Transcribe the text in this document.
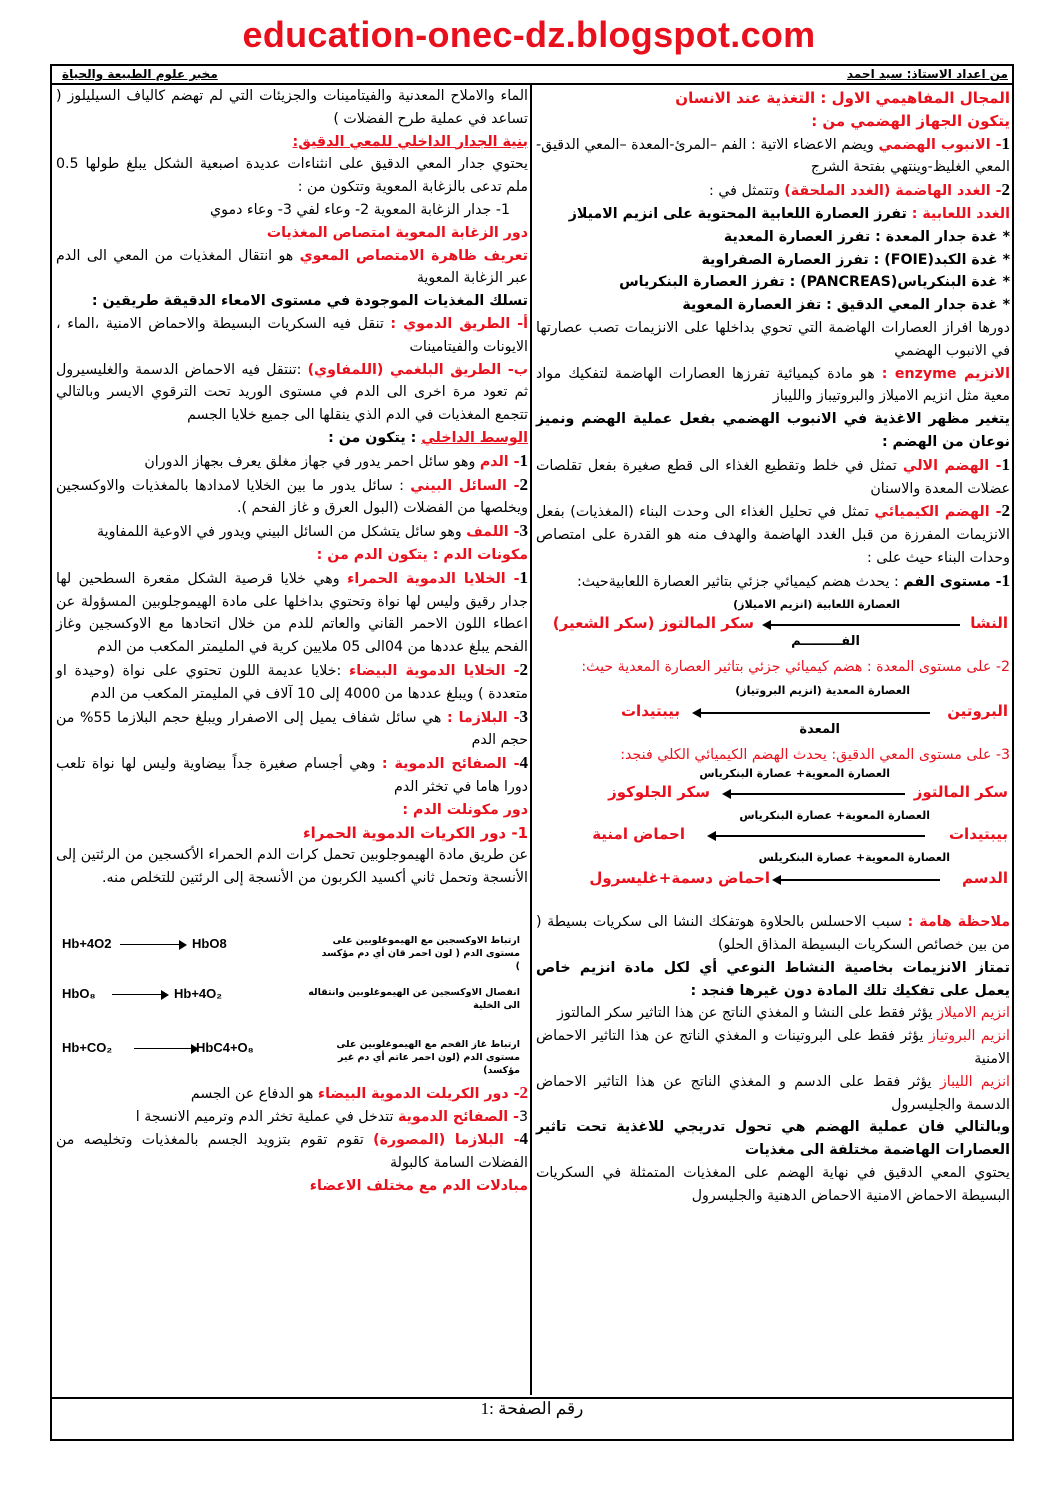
education-onec-dz.blogspot.com
من اعداد الاستاذ: سيد احمد
مخبر علوم الطبيعة والحياة

المجال المفاهيمي الاول : التغذية عند الانسان

يتكون الجهاز الهضمي من :

1- الانبوب الهضمي ويضم الاعضاء الاتية : الفم –المرئ-المعدة –المعي الدقيق-المعي الغليظ-وينتهي بفتحة الشرج

2- الغدد الهاضمة (الغدد الملحقة) وتتمثل في :

الغدد اللعابية : تفرز العصارة اللعابية المحتوية على انزيم الاميلاز

* غدة جدار المعدة : تفرز العصارة المعدية

* غدة الكبد(FOIE) : تفرز العصارة الصفراوية

* غدة البنكرياس(PANCREAS) : تفرز العصارة البنكرياس

* غدة جدار المعي الدقيق : تفز العصارة المعوية

دورها افراز العصارات الهاضمة التي تحوي بداخلها على الانزيمات تصب عصارتها في الانبوب الهضمي

الانزيم enzyme : هو مادة كيميائية تفرزها العصارات الهاضمة لتفكيك مواد معية مثل انزيم الاميلاز والبروتيباز والليباز

يتغير مظهر الاغذية في الانبوب الهضمي بفعل عملية الهضم ونميز نوعان من الهضم :

1- الهضم الالي تمثل في خلط وتقطيع الغذاء الى قطع صغيرة بفعل تقلصات عضلات المعدة والاسنان

2- الهضم الكيميائي تمثل في تحليل الغذاء الى وحدت البناء (المغذيات) بفعل الانزيمات المفرزة من قبل الغدد الهاضمة والهدف منه هو القدرة على امتصاص وحدات البناء حيث على :

1- مستوى الفم : يحدث هضم كيميائي جزئي بتاثير العصارة اللعابيةحيث:

النشا
العصارة اللعابية (انزيم الاميلاز)
سكر المالتوز (سكر الشعير)
الفـــــــــم

2- على مستوى المعدة : هضم كيميائي جزئي بتاثير العصارة المعدية حيث:

البروتين
العصارة المعدية (انزيم البروتياز)
بيبتيدات
المعدة

3- على مستوى المعي الدقيق: يحدث الهضم الكيميائي الكلي فنجد:

سكر المالتوز
العصارة المعوية+ عصارة البنكرياس
سكر الجلوكوز
بيبتيدات
العصارة المعوية+ عصارة البنكرياس
احماض امنية
الدسم
العصارة المعوية+ عصارة البنكريلس
احماض دسمة+غليسرول

ملاحظة هامة : سبب الاحسلس بالحلاوة هوتفكك النشا الى سكريات بسيطة ( من بين خصائص السكريات البسيطة المذاق الحلو)

تمتاز الانزيمات بخاصية النشاط النوعي أي لكل مادة انزيم خاص يعمل على تفكيك تلك المادة دون غيرها فنجد :

انزيم الاميلاز يؤثر فقط على النشا و المغذي الناتج عن هذا التاثير سكر المالتوز

انزيم البروتياز يؤثر فقط على البروتينات و المغذي الناتج عن هذا التاثير الاحماض الامنية

انزيم الليباز يؤثر فقط على الدسم و المغذي الناتج عن هذا التاثير الاحماض الدسمة والجليسرول

وبالتالي فان عملية الهضم هي تحول تدريجي للاغذية تحت تاثير العصارات الهاضمة مختلفة الى مغذيات

يحتوي المعي الدقيق في نهاية الهضم على المغذيات المتمثلة في السكريات البسيطة الاحماض الامنية الاحماض الدهنية والجليسرول

الماء والاملاح المعدنية والفيتامينات والجزيئات التي لم تهضم كالياف السيليلوز ( تساعد في عملية طرح الفضلات )

بنية الجدار الداخلي للمعي الدقيق:

يحتوي جدار المعي الدقيق على انثناءات عديدة اصبعية الشكل يبلغ طولها 0.5 ملم تدعى بالزغابة المعوية وتتكون من :

1- جدار الزغابة المعوية 2- وعاء لفي 3- وعاء دموي

دور الزغابة المعوية امتصاص المغذيات

تعريف ظاهرة الامتصاص المعوي هو انتقال المغذيات من المعي الى الدم عبر الزغابة المعوية

تسلك المغذيات الموجودة في مستوى الامعاء الدقيقة طريقين :

أ- الطريق الدموي : تنقل فيه السكريات البسيطة والاحماض الامنية ،الماء ، الايونات والفيتامينات

ب- الطريق البلغمي (اللمفاوي) :تنتقل فيه الاحماض الدسمة والغليسيرول ثم تعود مرة اخرى الى الدم في مستوى الوريد تحت الترقوي الايسر وبالتالي تتجمع المغذيات في الدم الذي ينقلها الى جميع خلايا الجسم

الوسط الداخلي : يتكون من :

1- الدم وهو سائل احمر يدور في جهاز مغلق يعرف بجهاز الدوران

2- السائل البيني : سائل يدور ما بين الخلايا لامدادها بالمغذيات والاوكسجين ويخلصها من الفضلات (البول العرق و غاز الفحم ).

3- اللمف وهو سائل يتشكل من السائل البيني ويدور في الاوعية اللمفاوية

مكونات الدم : يتكون الدم من :

1- الخلايا الدموية الحمراء وهي خلايا قرصية الشكل مقعرة السطحين لها جدار رقيق وليس لها نواة وتحتوي بداخلها على مادة الهيموجلوبين المسؤولة عن اعطاء اللون الاحمر القاني والعاتم للدم من خلال اتحادها مع الاوكسجين وغاز الفحم يبلغ عددها من 04الى 05 ملايين كرية في المليمتر المكعب من الدم

2- الخلايا الدموية البيضاء :خلايا عديمة اللون تحتوي على نواة (وحيدة او متعددة ) ويبلغ عددها من 4000 إلى 10 آلاف في المليمتر المكعب من الدم

3- البلازما : هي سائل شفاف يميل إلى الاصفرار ويبلغ حجم البلازما 55% من حجم الدم

4- الصفائح الدموية : وهي أجسام صغيرة جداً بيضاوية وليس لها نواة تلعب دورا هاما في تخثر الدم

دور مكونلت الدم :

1- دور الكريات الدموية الحمراء

عن طريق مادة الهيموجلوبين تحمل كرات الدم الحمراء الأكسجين من الرئتين إلى الأنسجة وتحمل ثاني أكسيد الكربون من الأنسجة إلى الرئتين للتخلص منه.

Hb+4O2	HbO8	ارتباط الاوكسجين مع الهيموغلوبين على مستوى الدم ( لون احمر قان أي دم مؤكسد )
HbO₈	Hb+4O₂	انفصال الاوكسجين عن الهيموغلوبين وانتقاله الى الخلية
Hb+CO₂	HbC4+O₈	ارتباط غاز الفحم مع الهيموغلوبين على مستوى الدم (لون احمر عاتم أي دم غير مؤكسد)

2- دور الكريلت الدموية البيضاء هو الدفاع عن الجسم

3- الصفائح الدموية تتدخل في عملية تخثر الدم وترميم الانسجة ا

4- البلازما (المصورة) تقوم تقوم بتزويد الجسم بالمغذيات وتخليصه من الفضلات السامة كالبولة

مبادلات الدم مع مختلف الاعضاء

رقم الصفحة :1
